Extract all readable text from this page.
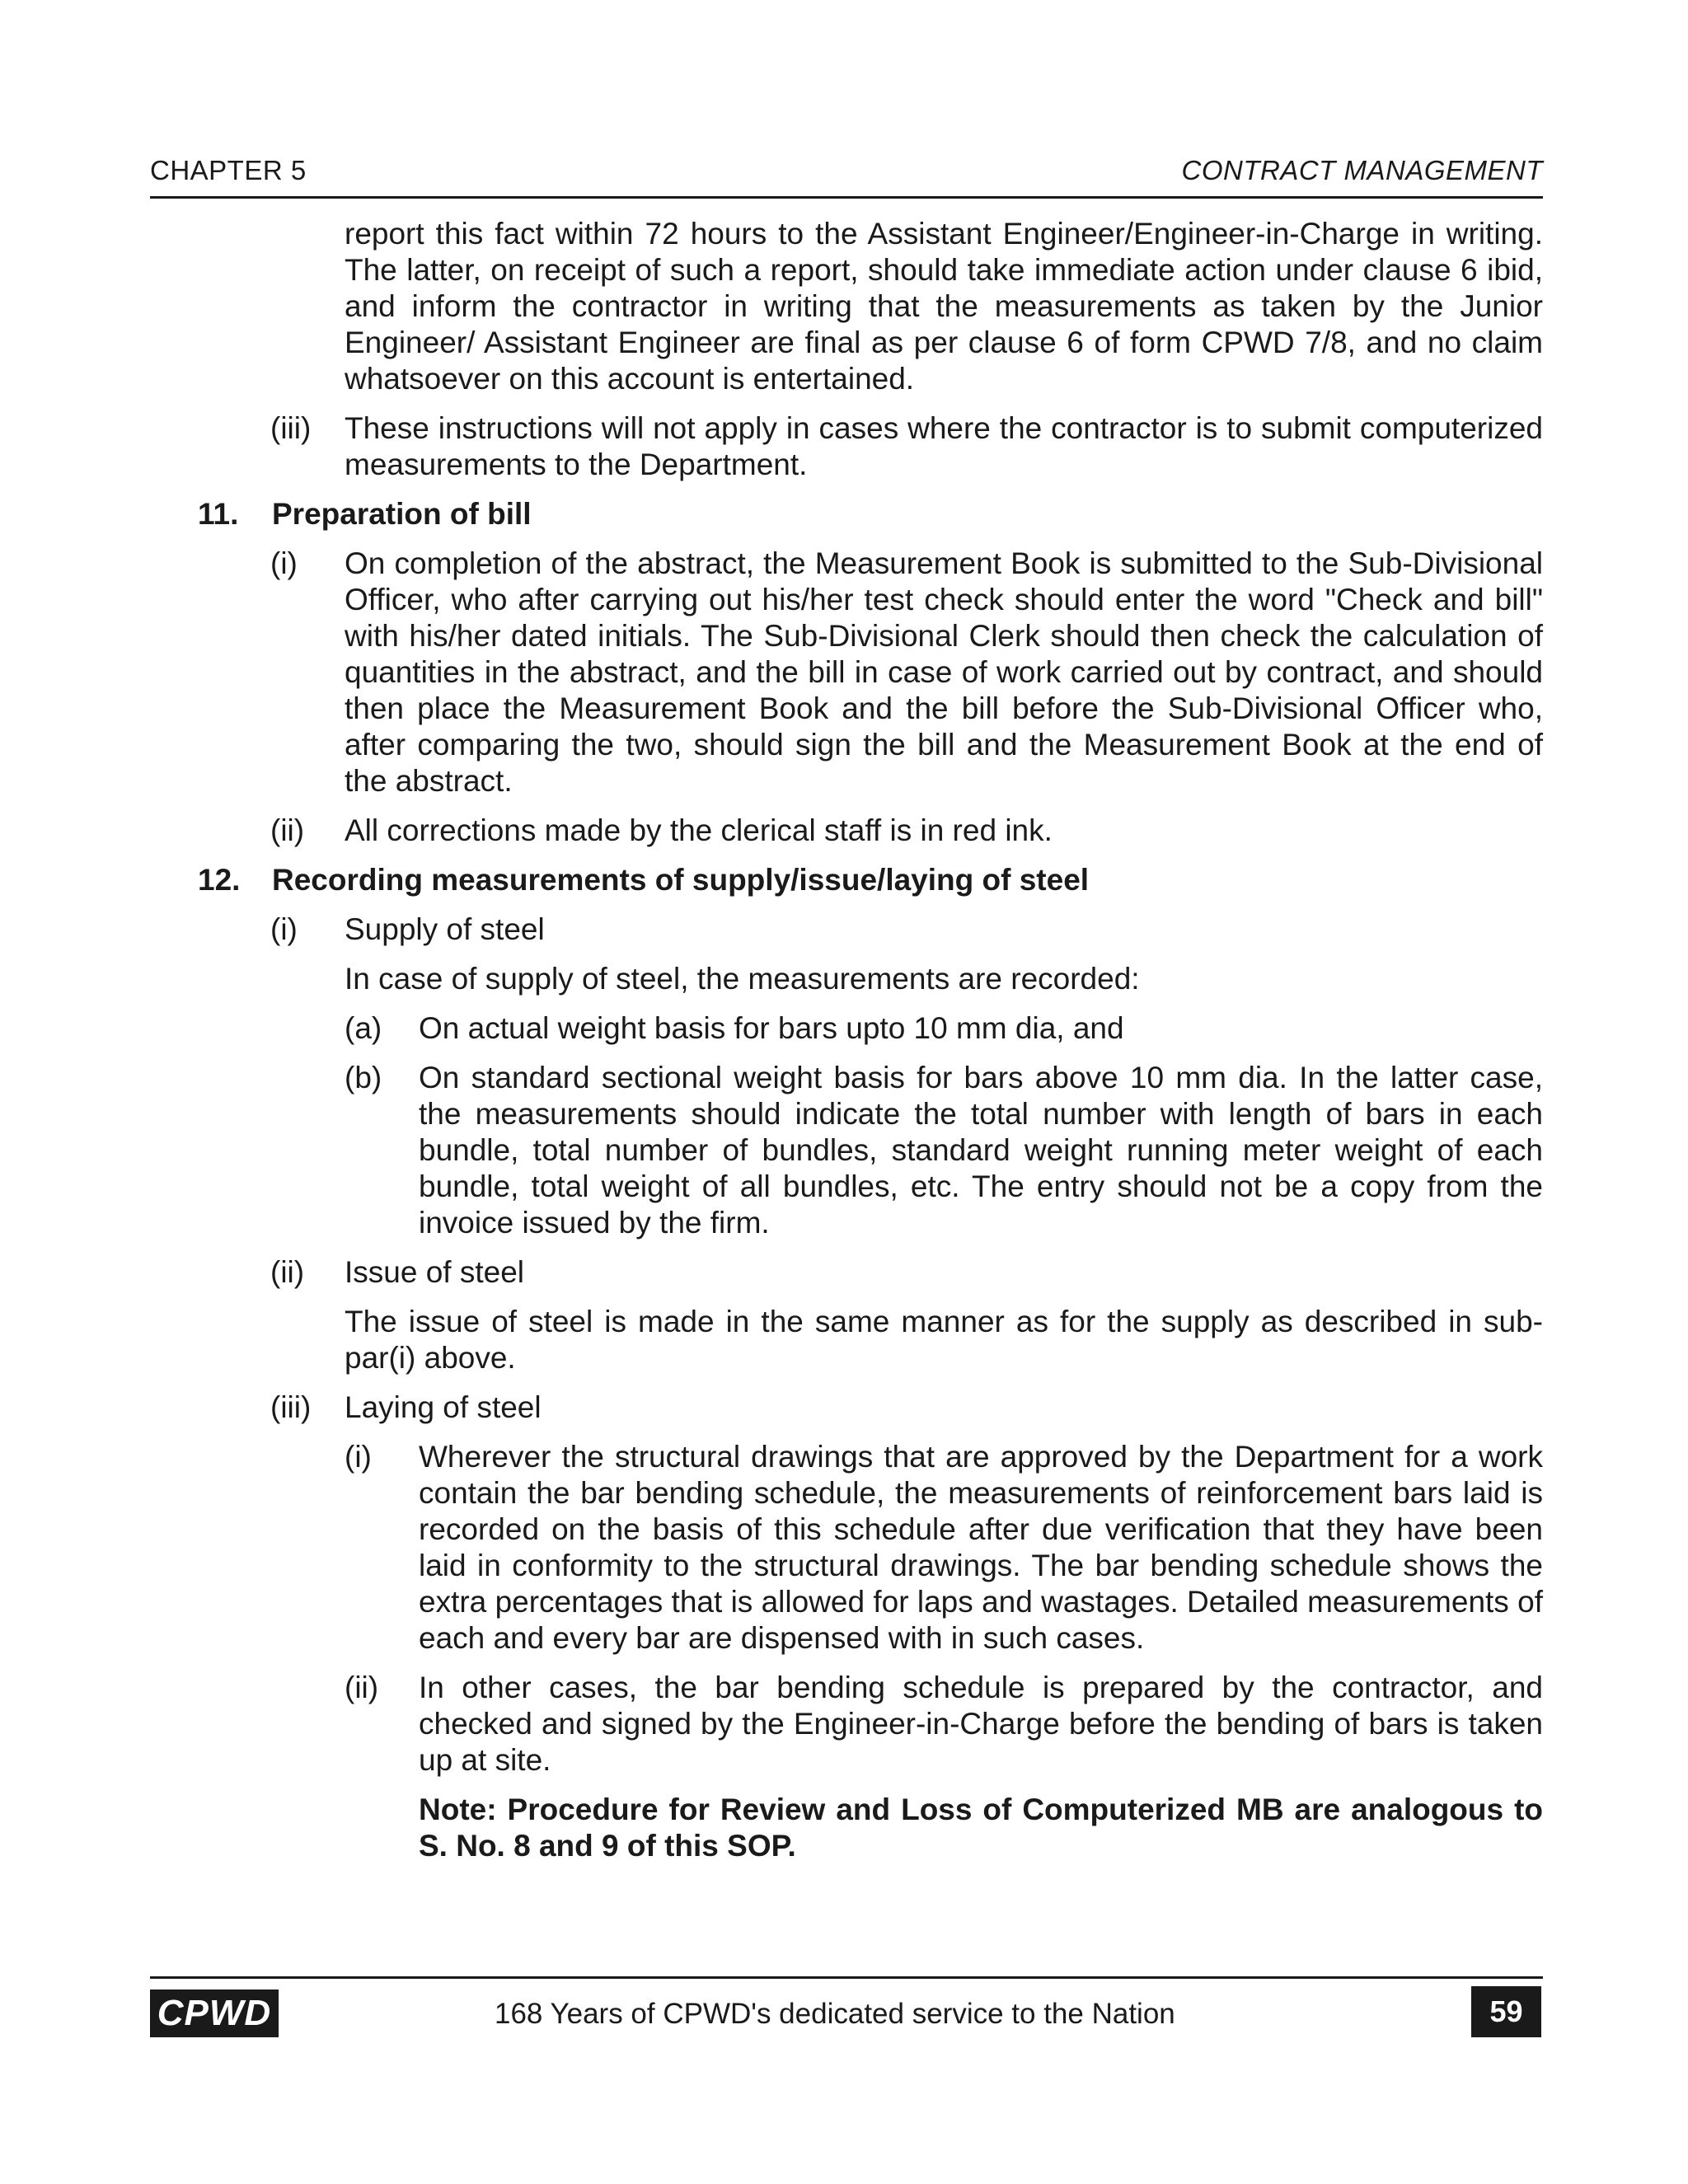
CHAPTER 5	CONTRACT MANAGEMENT
report this fact within 72 hours to the Assistant Engineer/Engineer-in-Charge in writing. The latter, on receipt of such a report, should take immediate action under clause 6 ibid, and inform the contractor in writing that the measurements as taken by the Junior Engineer/ Assistant Engineer are final as per clause 6 of form CPWD 7/8, and no claim whatsoever on this account is entertained.
(iii) These instructions will not apply in cases where the contractor is to submit computerized measurements to the Department.
11. Preparation of bill
(i) On completion of the abstract, the Measurement Book is submitted to the Sub-Divisional Officer, who after carrying out his/her test check should enter the word "Check and bill" with his/her dated initials. The Sub-Divisional Clerk should then check the calculation of quantities in the abstract, and the bill in case of work carried out by contract, and should then place the Measurement Book and the bill before the Sub-Divisional Officer who, after comparing the two, should sign the bill and the Measurement Book at the end of the abstract.
(ii) All corrections made by the clerical staff is in red ink.
12. Recording measurements of supply/issue/laying of steel
(i) Supply of steel
In case of supply of steel, the measurements are recorded:
(a) On actual weight basis for bars upto 10 mm dia, and
(b) On standard sectional weight basis for bars above 10 mm dia. In the latter case, the measurements should indicate the total number with length of bars in each bundle, total number of bundles, standard weight running meter weight of each bundle, total weight of all bundles, etc. The entry should not be a copy from the invoice issued by the firm.
(ii) Issue of steel
The issue of steel is made in the same manner as for the supply as described in sub-par(i) above.
(iii) Laying of steel
(i) Wherever the structural drawings that are approved by the Department for a work contain the bar bending schedule, the measurements of reinforcement bars laid is recorded on the basis of this schedule after due verification that they have been laid in conformity to the structural drawings. The bar bending schedule shows the extra percentages that is allowed for laps and wastages. Detailed measurements of each and every bar are dispensed with in such cases.
(ii) In other cases, the bar bending schedule is prepared by the contractor, and checked and signed by the Engineer-in-Charge before the bending of bars is taken up at site.
Note: Procedure for Review and Loss of Computerized MB are analogous to S. No. 8 and 9 of this SOP.
CPWD	168 Years of CPWD's dedicated service to the Nation	59
